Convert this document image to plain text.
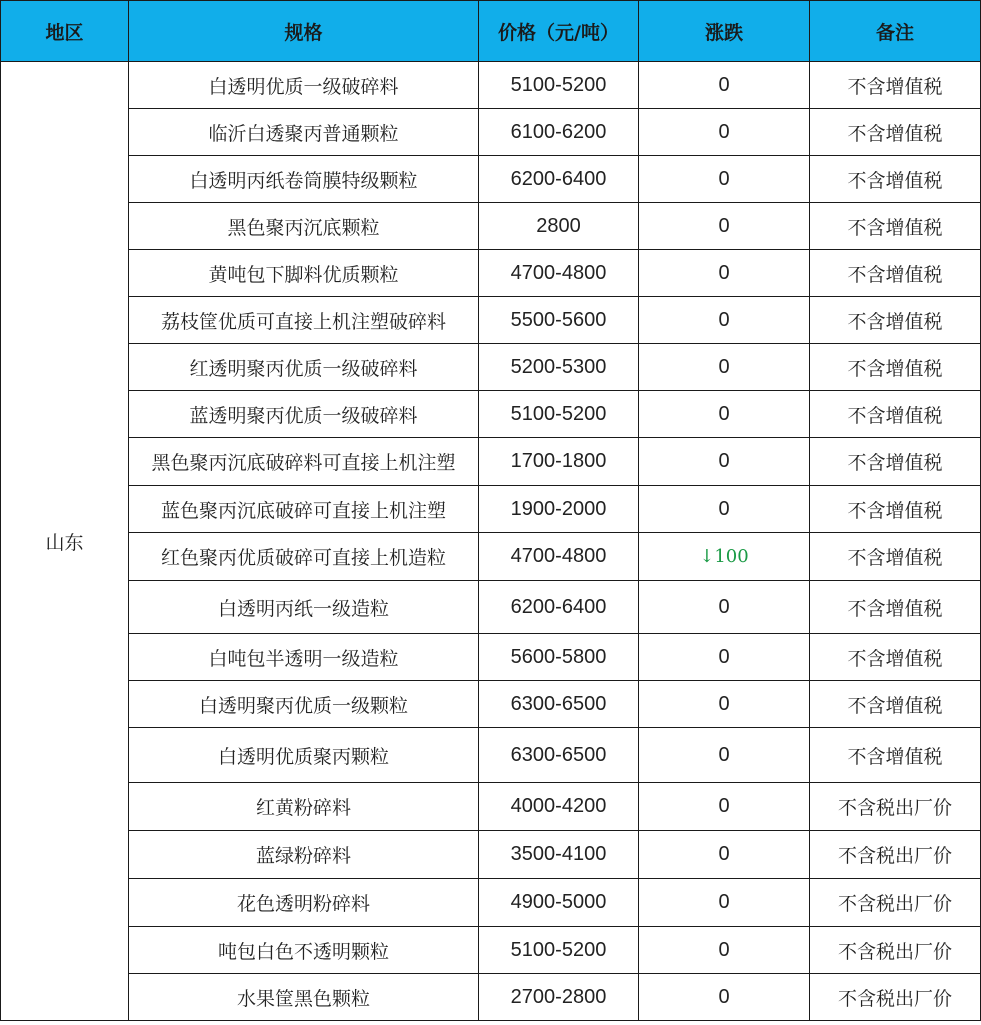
地区	规格	价格（元/吨）	涨跌	备注
山东	白透明优质一级破碎料	5100-5200	0	不含增值税
	临沂白透聚丙普通颗粒	6100-6200	0	不含增值税
	白透明丙纸卷筒膜特级颗粒	6200-6400	0	不含增值税
	黑色聚丙沉底颗粒	2800	0	不含增值税
	黄吨包下脚料优质颗粒	4700-4800	0	不含增值税
	荔枝筐优质可直接上机注塑破碎料	5500-5600	0	不含增值税
	红透明聚丙优质一级破碎料	5200-5300	0	不含增值税
	蓝透明聚丙优质一级破碎料	5100-5200	0	不含增值税
	黑色聚丙沉底破碎料可直接上机注塑	1700-1800	0	不含增值税
	蓝色聚丙沉底破碎可直接上机注塑	1900-2000	0	不含增值税
	红色聚丙优质破碎可直接上机造粒	4700-4800	↓100	不含增值税
	白透明丙纸一级造粒	6200-6400	0	不含增值税
	白吨包半透明一级造粒	5600-5800	0	不含增值税
	白透明聚丙优质一级颗粒	6300-6500	0	不含增值税
	白透明优质聚丙颗粒	6300-6500	0	不含增值税
	红黄粉碎料	4000-4200	0	不含税出厂价
	蓝绿粉碎料	3500-4100	0	不含税出厂价
	花色透明粉碎料	4900-5000	0	不含税出厂价
	吨包白色不透明颗粒	5100-5200	0	不含税出厂价
	水果筐黑色颗粒	2700-2800	0	不含税出厂价
